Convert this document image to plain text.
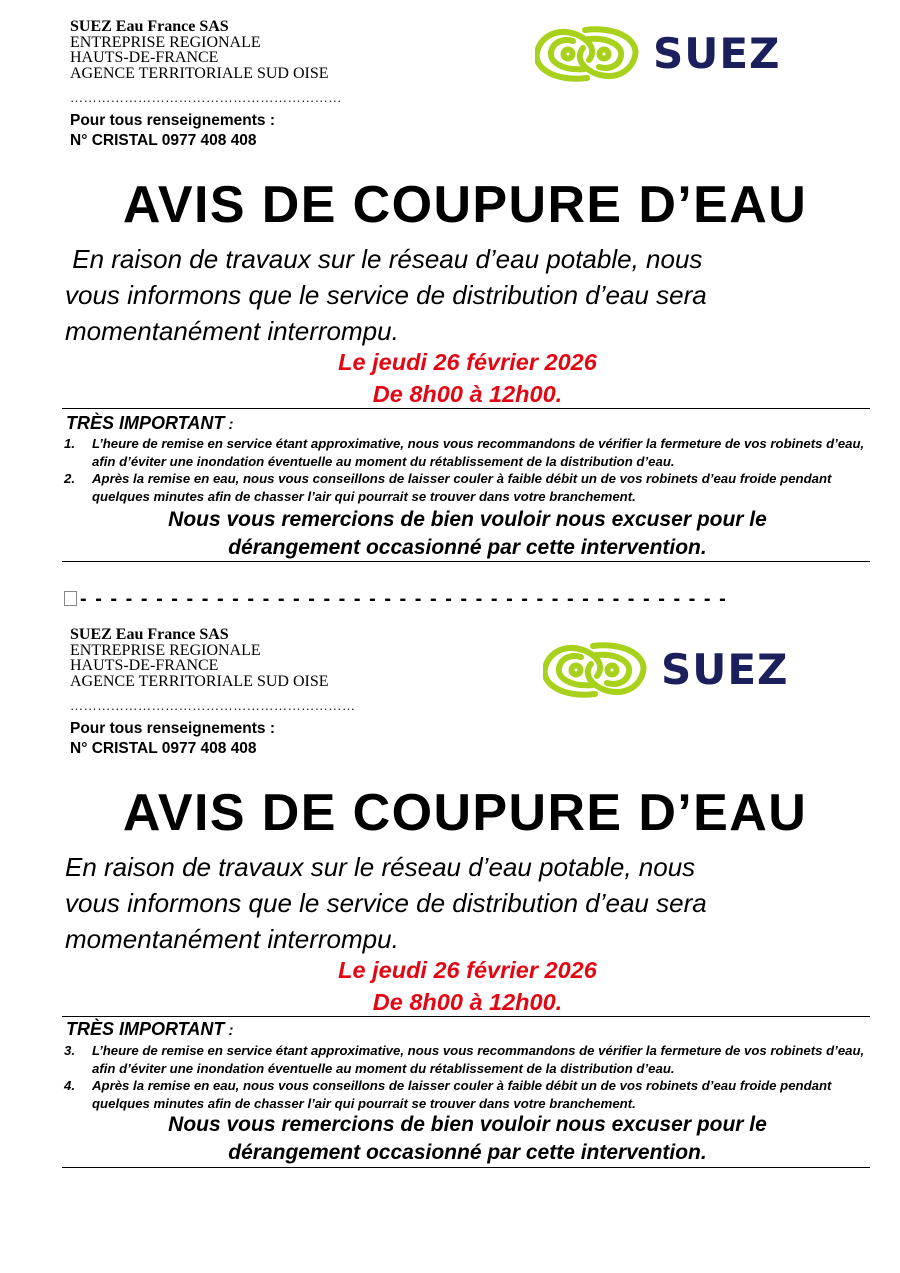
SUEZ Eau France SAS
ENTREPRISE REGIONALE
HAUTS-DE-FRANCE
AGENCE TERRITORIALE SUD OISE
……………………………………………………
Pour tous renseignements :
N° CRISTAL 0977 408 408
SUEZ
AVIS DE COUPURE D’EAU
En raison de travaux sur le réseau d’eau potable, nous
vous informons que le service de distribution d’eau sera
momentanément interrompu.
Le jeudi 26 février 2026
De 8h00 à 12h00.
TRÈS IMPORTANT :
1.	L’heure de remise en service étant approximative, nous vous recommandons de vérifier la fermeture de vos robinets d’eau, afin d’éviter une inondation éventuelle au moment du rétablissement de la distribution d’eau.
2.	Après la remise en eau, nous vous conseillons de laisser couler à faible débit un de vos robinets d’eau froide pendant quelques minutes afin de chasser l’air qui pourrait se trouver dans votre branchement.
Nous vous remercions de bien vouloir nous excuser pour le
dérangement occasionné par cette intervention.
- - - - - - - - - - - - - - - - - - - - - - - - - - - - - - - - - - - - - - - - - - -
SUEZ Eau France SAS
ENTREPRISE REGIONALE
HAUTS-DE-FRANCE
AGENCE TERRITORIALE SUD OISE
………………………………………………………
Pour tous renseignements :
N° CRISTAL 0977 408 408
SUEZ
AVIS DE COUPURE D’EAU
En raison de travaux sur le réseau d’eau potable, nous
vous informons que le service de distribution d’eau sera
momentanément interrompu.
Le jeudi 26 février 2026
De 8h00 à 12h00.
TRÈS IMPORTANT :
3.	L’heure de remise en service étant approximative, nous vous recommandons de vérifier la fermeture de vos robinets d’eau, afin d’éviter une inondation éventuelle au moment du rétablissement de la distribution d’eau.
4.	Après la remise en eau, nous vous conseillons de laisser couler à faible débit un de vos robinets d’eau froide pendant quelques minutes afin de chasser l’air qui pourrait se trouver dans votre branchement.
Nous vous remercions de bien vouloir nous excuser pour le
dérangement occasionné par cette intervention.
